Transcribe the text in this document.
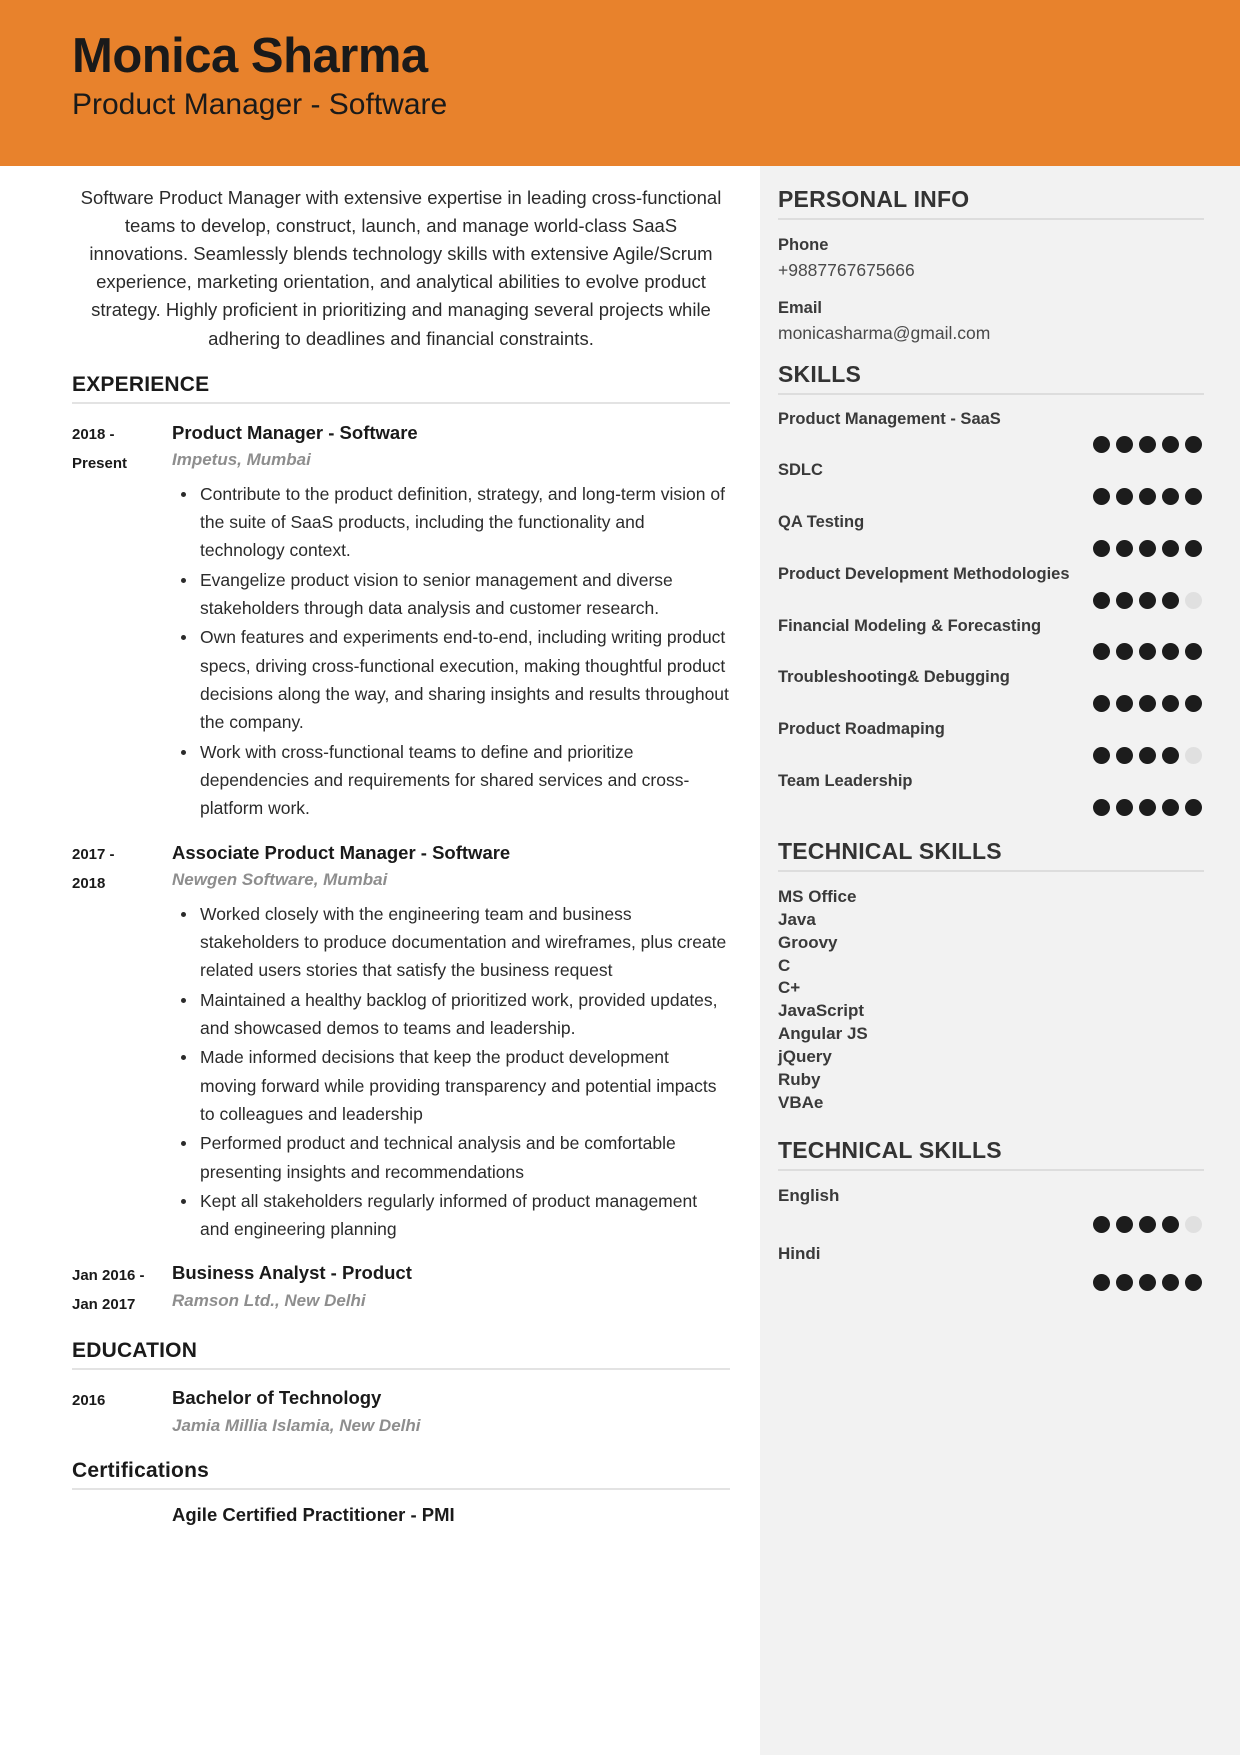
Monica Sharma
Product Manager - Software
Software Product Manager with extensive expertise in leading cross-functional teams to develop, construct, launch, and manage world-class SaaS innovations. Seamlessly blends technology skills with extensive Agile/Scrum experience, marketing orientation, and analytical abilities to evolve product strategy. Highly proficient in prioritizing and managing several projects while adhering to deadlines and financial constraints.
EXPERIENCE
2018 -
Present
Product Manager - Software
Impetus, Mumbai
Contribute to the product definition, strategy, and long-term vision of the suite of SaaS products, including the functionality and technology context.
Evangelize product vision to senior management and diverse stakeholders through data analysis and customer research.
Own features and experiments end-to-end, including writing product specs, driving cross-functional execution, making thoughtful product decisions along the way, and sharing insights and results throughout the company.
Work with cross-functional teams to define and prioritize dependencies and requirements for shared services and cross-platform work.
2017 -
2018
Associate Product Manager - Software
Newgen Software, Mumbai
Worked closely with the engineering team and business stakeholders to produce documentation and wireframes, plus create related users stories that satisfy the business request
Maintained a healthy backlog of prioritized work, provided updates, and showcased demos to teams and leadership.
Made informed decisions that keep the product development moving forward while providing transparency and potential impacts to colleagues and leadership
Performed product and technical analysis and be comfortable presenting insights and recommendations
Kept all stakeholders regularly informed of product management and engineering planning
Jan 2016 -
Jan 2017
Business Analyst - Product
Ramson Ltd., New Delhi
EDUCATION
2016	Bachelor of Technology
Jamia Millia Islamia, New Delhi
Certifications
Agile Certified Practitioner - PMI
PERSONAL INFO
Phone
+9887767675666
Email
monicasharma@gmail.com
SKILLS
Product Management - SaaS
SDLC
QA Testing
Product Development Methodologies
Financial Modeling & Forecasting
Troubleshooting& Debugging
Product Roadmaping
Team Leadership
TECHNICAL SKILLS
MS Office
Java
Groovy
C
C+
JavaScript
Angular JS
jQuery
Ruby
VBAe
TECHNICAL SKILLS
English
Hindi
